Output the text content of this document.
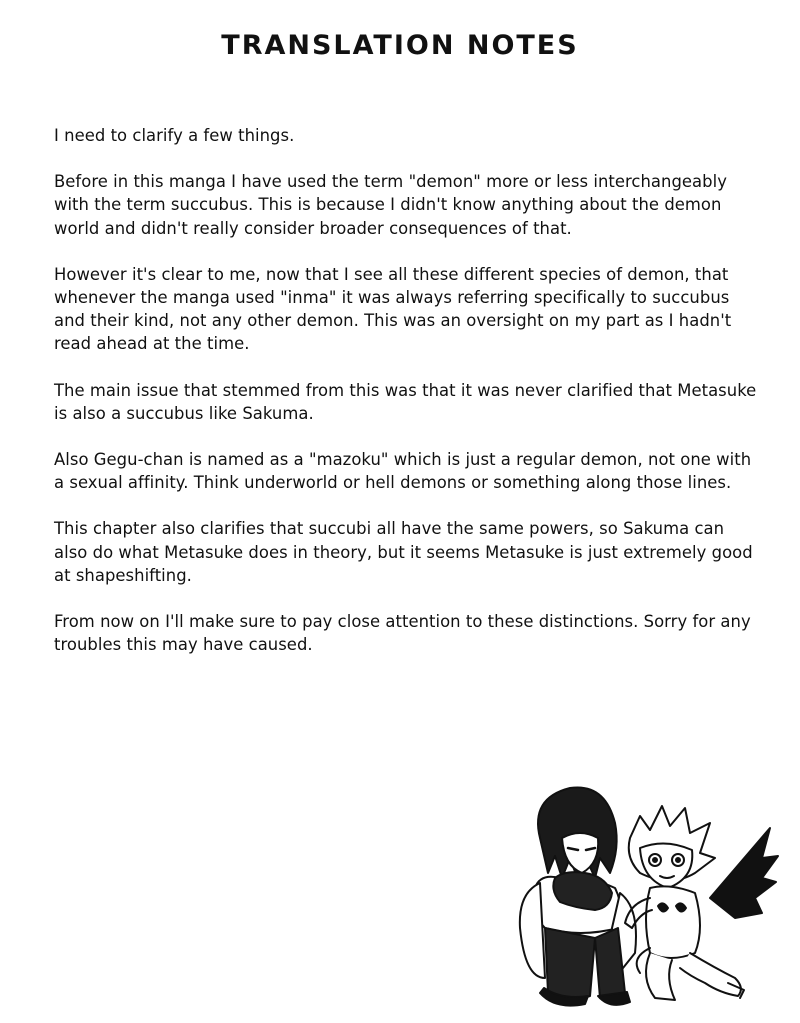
TRANSLATION NOTES

I need to clarify a few things.

Before in this manga I have used the term "demon" more or less interchangeably with the term succubus. This is because I didn't know anything about the demon world and didn't really consider broader consequences of that.

However it's clear to me, now that I see all these different species of demon, that whenever the manga used "inma" it was always referring specifically to succubus and their kind, not any other demon. This was an oversight on my part as I hadn't read ahead at the time.

The main issue that stemmed from this was that it was never clarified that Metasuke is also a succubus like Sakuma.

Also Gegu-chan is named as a "mazoku" which is just a regular demon, not one with a sexual affinity. Think underworld or hell demons or something along those lines.

This chapter also clarifies that succubi all have the same powers, so Sakuma can also do what Metasuke does in theory, but it seems Metasuke is just extremely good at shapeshifting.

From now on I'll make sure to pay close attention to these distinctions. Sorry for any troubles this may have caused.
